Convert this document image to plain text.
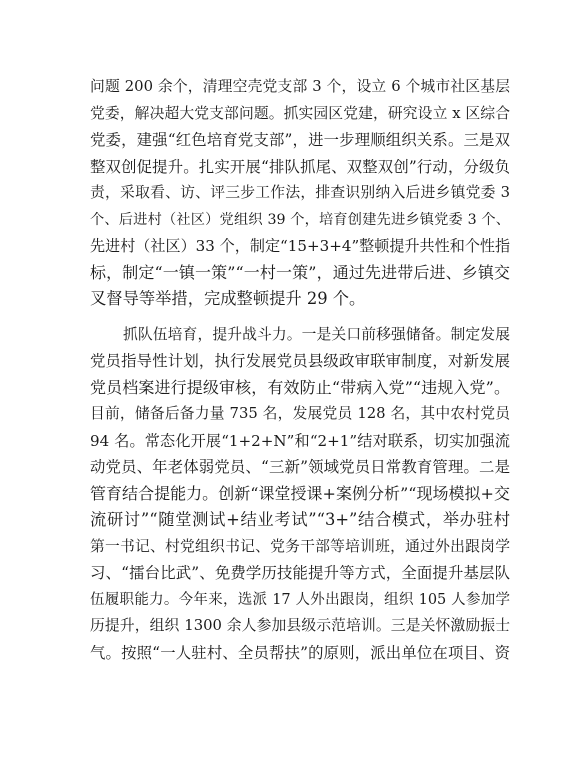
问题 200 余个，清理空壳党支部 3 个，设立 6 个城市社区基层
党委，解决超大党支部问题。抓实园区党建，研究设立 x 区综合
党委，建强“红色培育党支部”，进一步理顺组织关系。三是双
整双创促提升。扎实开展“排队抓尾、双整双创”行动，分级负
责，采取看、访、评三步工作法，排查识别纳入后进乡镇党委 3
个、后进村（社区）党组织 39 个，培育创建先进乡镇党委 3 个、
先进村（社区）33 个，制定“15+3+4”整顿提升共性和个性指
标，制定“一镇一策”“一村一策”，通过先进带后进、乡镇交
叉督导等举措，完成整顿提升 29 个。
抓队伍培育，提升战斗力。一是关口前移强储备。制定发展
党员指导性计划，执行发展党员县级政审联审制度，对新发展
党员档案进行提级审核，有效防止“带病入党”“违规入党”。
目前，储备后备力量 735 名，发展党员 128 名，其中农村党员
94 名。常态化开展“1+2+N”和“2+1”结对联系，切实加强流
动党员、年老体弱党员、“三新”领域党员日常教育管理。二是
管育结合提能力。创新“课堂授课+案例分析”“现场模拟+交
流研讨”“随堂测试+结业考试”“3+”结合模式，举办驻村
第一书记、村党组织书记、党务干部等培训班，通过外出跟岗学
习、“擂台比武”、免费学历技能提升等方式，全面提升基层队
伍履职能力。今年来，选派 17 人外出跟岗，组织 105 人参加学
历提升，组织 1300 余人参加县级示范培训。三是关怀激励振士
气。按照“一人驻村、全员帮扶”的原则，派出单位在项目、资
